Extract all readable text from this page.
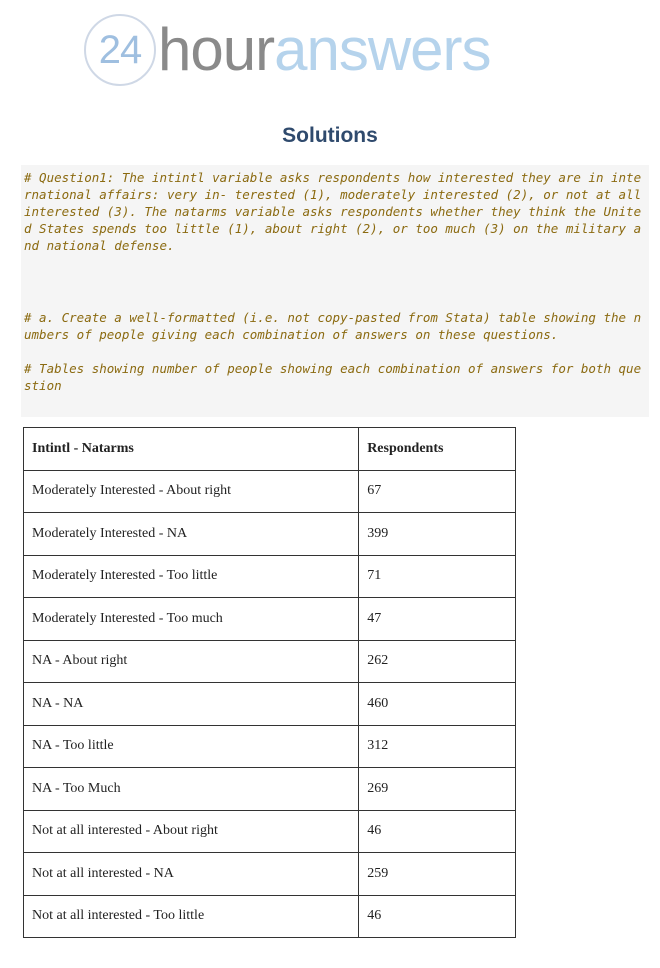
24 houranswers
Solutions

# Question1: The intintl variable asks respondents how interested they are in international affairs: very in- terested (1), moderately interested (2), or not at all interested (3). The natarms variable asks respondents whether they think the United States spends too little (1), about right (2), or too much (3) on the military and national defense.

# a. Create a well-formatted (i.e. not copy-pasted from Stata) table showing the numbers of people giving each combination of answers on these questions.

# Tables showing number of people showing each combination of answers for both question

Intintl - Natarms	Respondents
Moderately Interested - About right	67
Moderately Interested - NA	399
Moderately Interested - Too little	71
Moderately Interested - Too much	47
NA - About right	262
NA - NA	460
NA - Too little	312
NA - Too Much	269
Not at all interested - About right	46
Not at all interested - NA	259
Not at all interested - Too little	46
